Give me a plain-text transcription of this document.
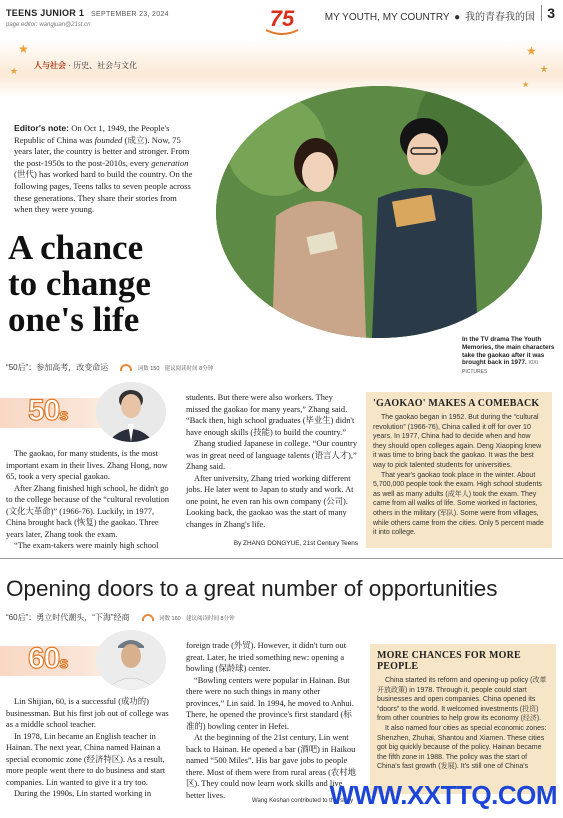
TEENS JUNIOR 1 SEPTEMBER 23, 2024
page editor: wangjuan@21st.cn	75	MY YOUTH, MY COUNTRY ● 我的青春我的国 3
★
★
★
★
★
人与社会 · 历史、社会与文化
Editor's note: On Oct 1, 1949, the People's Republic of China was founded (成立). Now, 75 years later, the country is better and stronger. From the post-1950s to the post-2010s, every generation (世代) has worked hard to build the country. On the following pages, Teens talks to seven people across these generations. They share their stories from when they were young.
A chance
to change
one's life
In the TV drama The Youth Memories, the main characters take the gaokao after it was brought back in 1977. XIXI PICTURES
“50后”：参加高考，改变命运	词数 150 建议阅读时间 8分钟
50s

The gaokao, for many students, is the most important exam in their lives. Zhang Hong, now 65, took a very special gaokao.

After Zhang finished high school, he didn't go to the college because of the “cultural revolution (文化大革命)” (1966-76). Luckily, in 1977, China brought back (恢复) the gaokao. Three years later, Zhang took the exam.

“The exam-takers were mainly high school

students. But there were also workers. They missed the gaokao for many years,” Zhang said. “Back then, high school graduates (毕业生) didn't have enough skills (技能) to build the country.”

Zhang studied Japanese in college. “Our country was in great need of language talents (语言人才),” Zhang said.

After university, Zhang tried working different jobs. He later went to Japan to study and work. At one point, he even ran his own company (公司). Looking back, the gaokao was the start of many changes in Zhang's life.

By ZHANG DONGYUE, 21st Century Teens
'GAOKAO' MAKES A COMEBACK

The gaokao began in 1952. But during the “cultural revolution” (1966-76), China called it off for over 10 years. In 1977, China had to decide when and how they should open colleges again. Deng Xiaoping knew it was time to bring back the gaokao. It was the best way to pick talented students for universities.

That year's gaokao took place in the winter. About 5,700,000 people took the exam. High school students as well as many adults (成年人) took the exam. They came from all walks of life. Some worked in factories, others in the military (军队). Some were from villages, while others came from the cities. Only 5 percent made it into college.

Opening doors to a great number of opportunities
“60后”：勇立时代潮头，“下海”经商	词数 160 建议阅读时间 8分钟
60s

Lin Shijian, 60, is a successful (成功的) businessman. But his first job out of college was as a middle school teacher.

In 1978, Lin became an English teacher in Hainan. The next year, China named Hainan a special economic zone (经济特区). As a result, more people went there to do business and start companies. Lin wanted to give it a try too.

During the 1990s, Lin started working in

foreign trade (外贸). However, it didn't turn out great. Later, he tried something new: opening a bowling (保龄球) center.

“Bowling centers were popular in Hainan. But there were no such things in many other provinces,” Lin said. In 1994, he moved to Anhui. There, he opened the province's first standard (标准的) bowling center in Hefei.

At the beginning of the 21st century, Lin went back to Hainan. He opened a bar (酒吧) in Haikou named “500 Miles”. His bar gave jobs to people there. Most of them were from rural areas (农村地区). They could now learn work skills and live better lives.

Wang Keshan contributed to this story
MORE CHANCES FOR MORE PEOPLE

China started its reform and opening-up policy (改革开放政策) in 1978. Through it, people could start businesses and open companies. China opened its “doors” to the world. It welcomed investments (投资) from other countries to help grow its economy (经济).

It also named four cities as special economic zones: Shenzhen, Zhuhai, Shantou and Xiamen. These cities got big quickly because of the policy. Hainan became the fifth zone in 1988. The policy was the start of China's fast growth (发展). It's still one of China's

WWW.XXTTQ.COM
